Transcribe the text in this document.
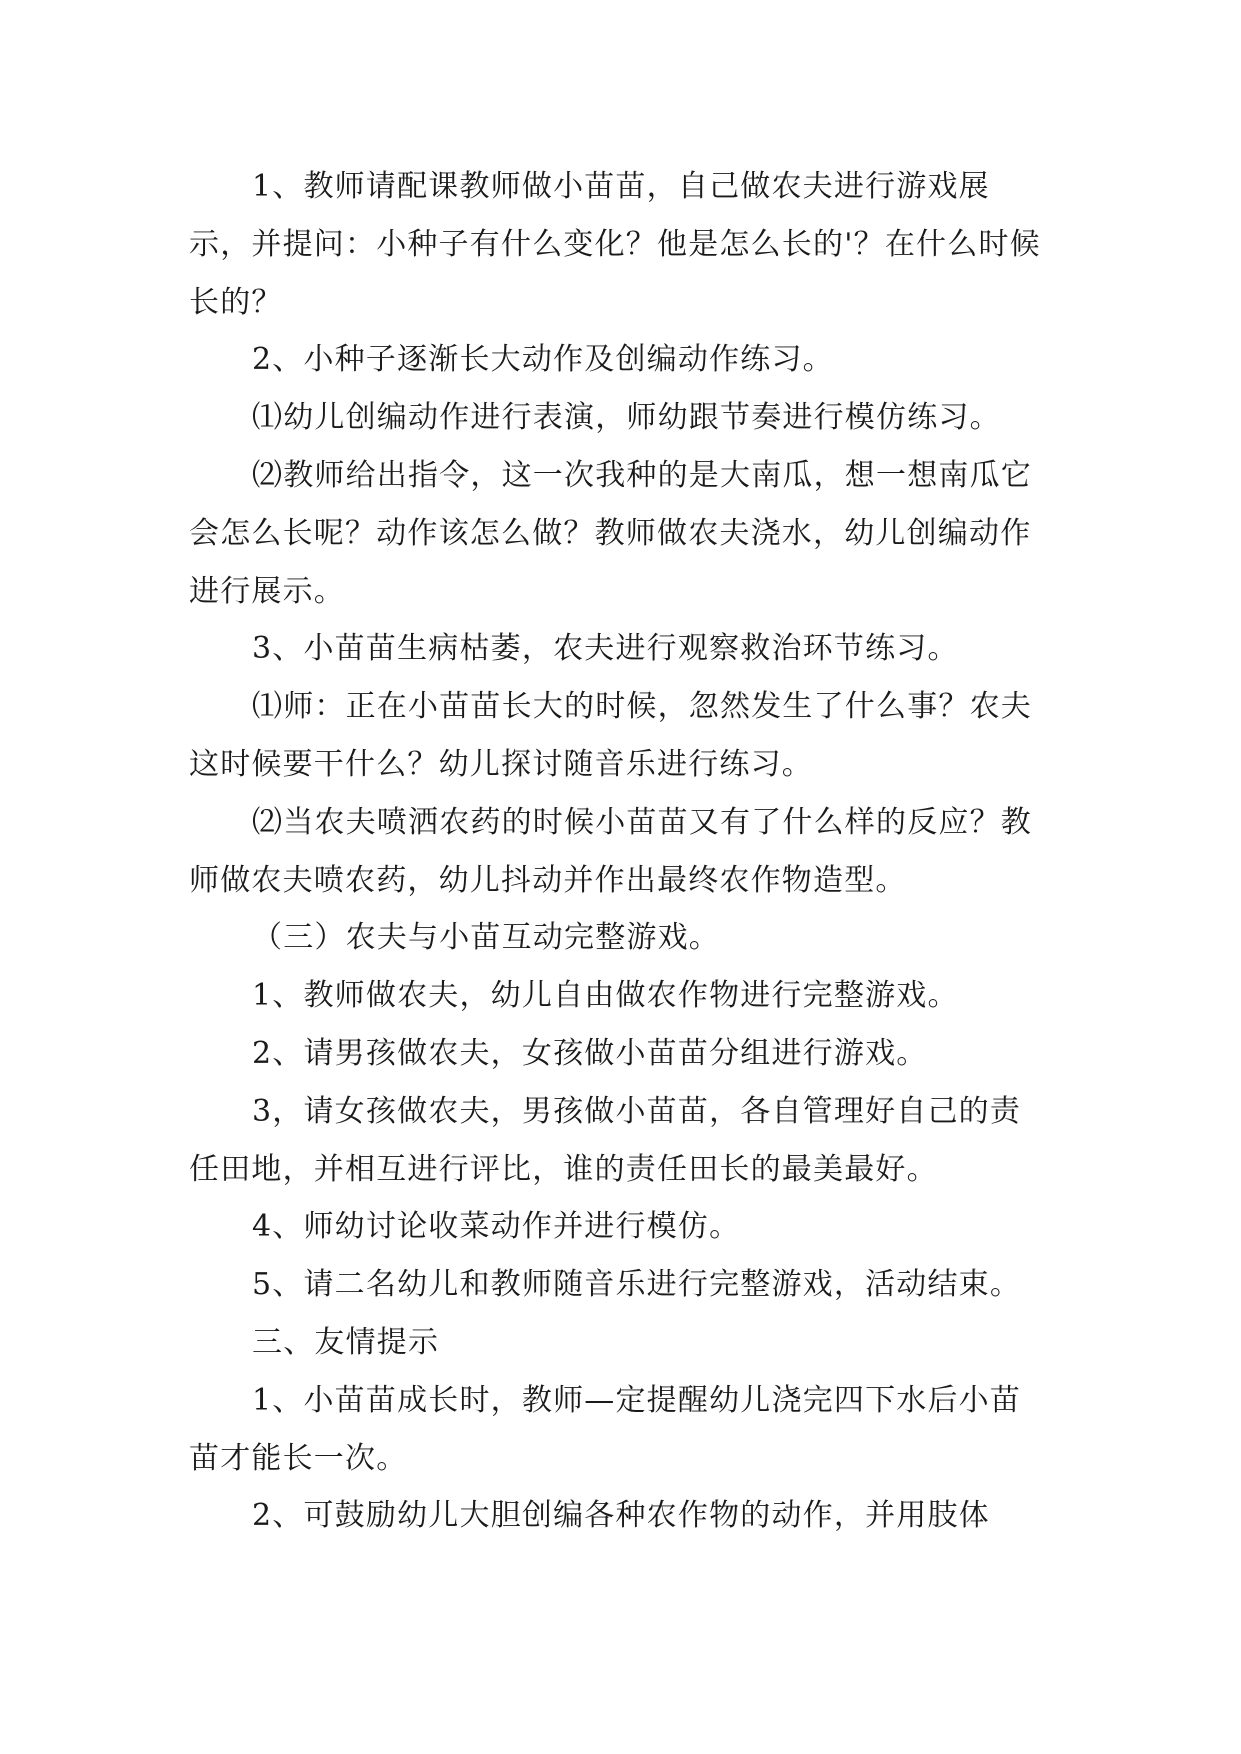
1、教师请配课教师做小苗苗，自己做农夫进行游戏展示，并提问：小种子有什么变化？他是怎么长的'？在什么时候长的？

2、小种子逐渐长大动作及创编动作练习。

⑴幼儿创编动作进行表演，师幼跟节奏进行模仿练习。

⑵教师给出指令，这一次我种的是大南瓜，想一想南瓜它会怎么长呢？动作该怎么做？教师做农夫浇水，幼儿创编动作进行展示。

3、小苗苗生病枯萎，农夫进行观察救治环节练习。

⑴师：正在小苗苗长大的时候，忽然发生了什么事？农夫这时候要干什么？幼儿探讨随音乐进行练习。

⑵当农夫喷洒农药的时候小苗苗又有了什么样的反应？教师做农夫喷农药，幼儿抖动并作出最终农作物造型。

（三）农夫与小苗互动完整游戏。

1、教师做农夫，幼儿自由做农作物进行完整游戏。

2、请男孩做农夫，女孩做小苗苗分组进行游戏。

3，请女孩做农夫，男孩做小苗苗，各自管理好自己的责任田地，并相互进行评比，谁的责任田长的最美最好。

4、师幼讨论收菜动作并进行模仿。

5、请二名幼儿和教师随音乐进行完整游戏，活动结束。

三、友情提示

1、小苗苗成长时，教师—定提醒幼儿浇完四下水后小苗苗才能长一次。

2、可鼓励幼儿大胆创编各种农作物的动作，并用肢体
